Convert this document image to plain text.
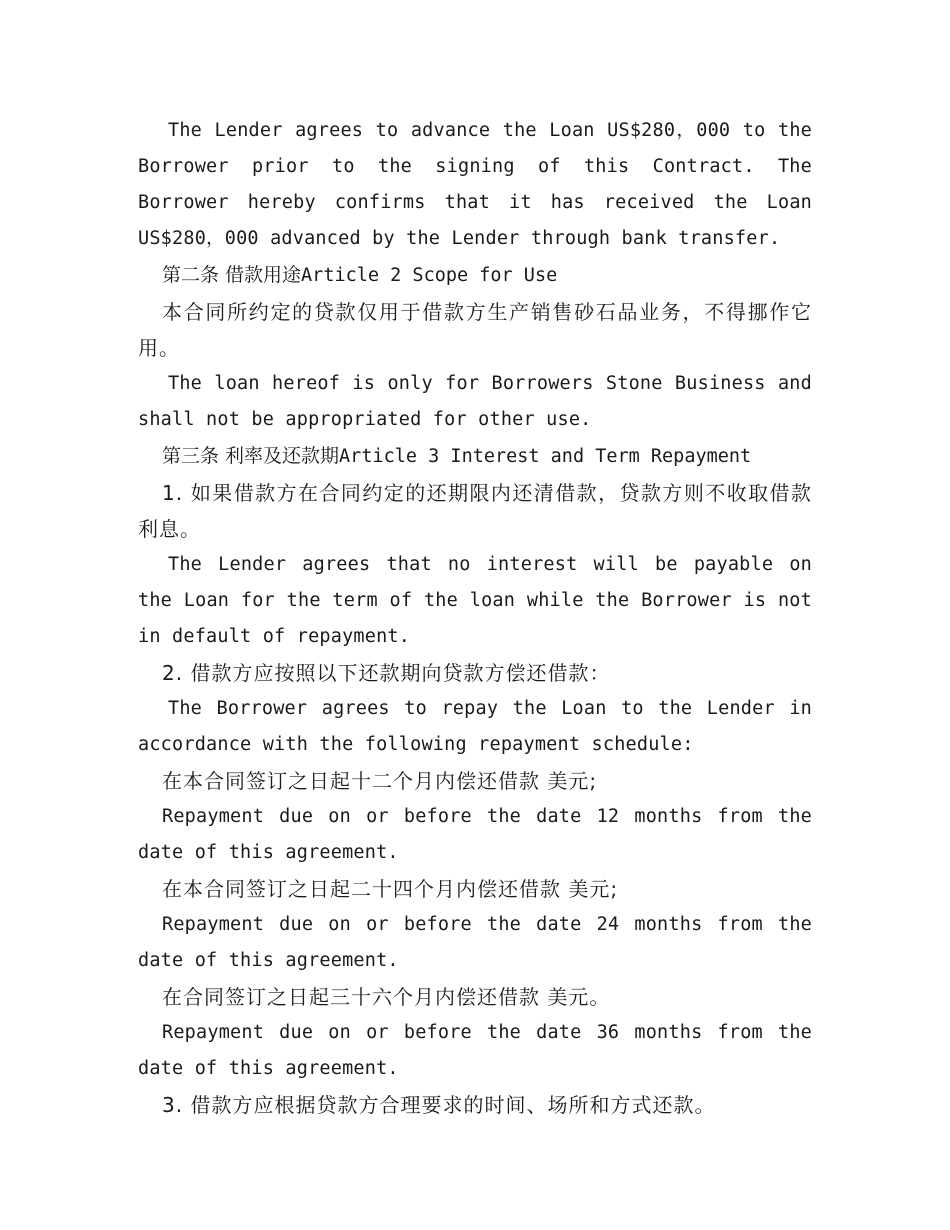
The Lender agrees to advance the Loan US$280，000 to the Borrower prior to the signing of this Contract. The Borrower hereby confirms that it has received the Loan US$280，000 advanced by the Lender through bank transfer.

第二条 借款用途Article 2 Scope for Use

本合同所约定的贷款仅用于借款方生产销售砂石品业务，不得挪作它用。

The loan hereof is only for Borrowers Stone Business and shall not be appropriated for other use.

第三条 利率及还款期Article 3 Interest and Term Repayment

1. 如果借款方在合同约定的还期限内还清借款，贷款方则不收取借款利息。

The Lender agrees that no interest will be payable on the Loan for the term of the loan while the Borrower is not in default of repayment.

2. 借款方应按照以下还款期向贷款方偿还借款：

The Borrower agrees to repay the Loan to the Lender in accordance with the following repayment schedule:

在本合同签订之日起十二个月内偿还借款 美元;

Repayment due on or before the date 12 months from the date of this agreement.

在本合同签订之日起二十四个月内偿还借款 美元;

Repayment due on or before the date 24 months from the date of this agreement.

在合同签订之日起三十六个月内偿还借款 美元。

Repayment due on or before the date 36 months from the date of this agreement.

3. 借款方应根据贷款方合理要求的时间、场所和方式还款。
